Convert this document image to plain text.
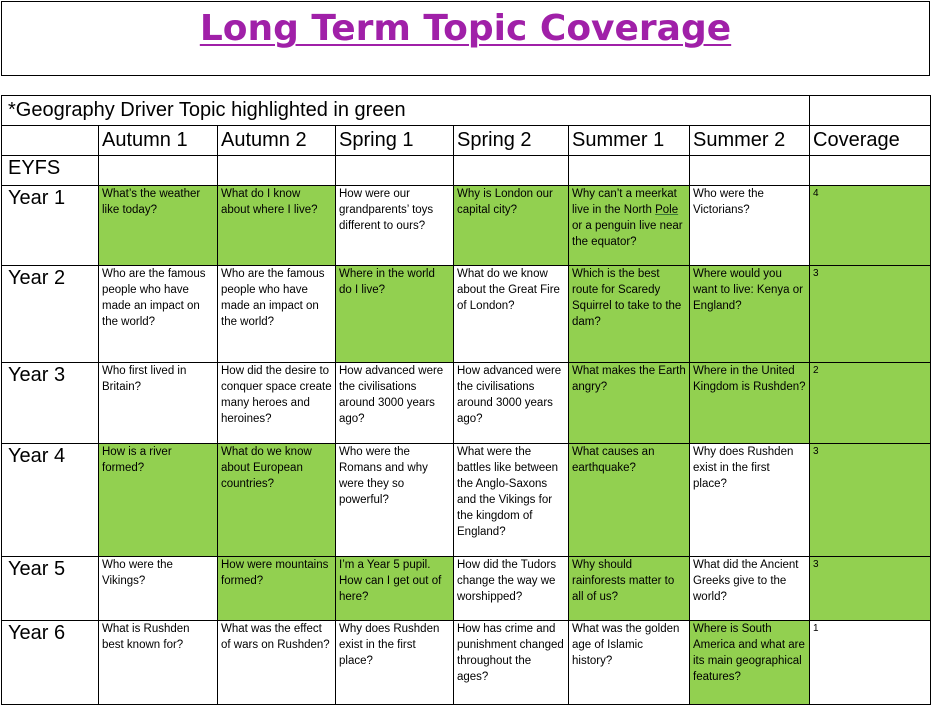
Long Term Topic Coverage
*Geography Driver Topic highlighted in green							
	Autumn 1	Autumn 2	Spring 1	Spring 2	Summer 1	Summer 2	Coverage
EYFS							
Year 1	What’s the weather like today?	What do I know about where I live?	How were our grandparents’ toys different to ours?	Why is London our capital city?	Why can’t a meerkat live in the North Pole or a penguin live near the equator?	Who were the Victorians?	4
Year 2	Who are the famous people who have made an impact on the world?	Who are the famous people who have made an impact on the world?	Where in the world do I live?	What do we know about the Great Fire of London?	Which is the best route for Scaredy Squirrel to take to the dam?	Where would you want to live: Kenya or England?	3
Year 3	Who first lived in Britain?	How did the desire to conquer space create many heroes and heroines?	How advanced were the civilisations around 3000 years ago?	How advanced were the civilisations around 3000 years ago?	What makes the Earth angry?	Where in the United Kingdom is Rushden?	2
Year 4	How is a river formed?	What do we know about European countries?	Who were the Romans and why were they so powerful?	What were the battles like between the Anglo-Saxons and the Vikings for the kingdom of England?	What causes an earthquake?	Why does Rushden exist in the first place?	3
Year 5	Who were the Vikings?	How were mountains formed?	I’m a Year 5 pupil. How can I get out of here?	How did the Tudors change the way we worshipped?	Why should rainforests matter to all of us?	What did the Ancient Greeks give to the world?	3
Year 6	What is Rushden best known for?	What was the effect of wars on Rushden?	Why does Rushden exist in the first place?	How has crime and punishment changed throughout the ages?	What was the golden age of Islamic history?	Where is South America and what are its main geographical features?	1
